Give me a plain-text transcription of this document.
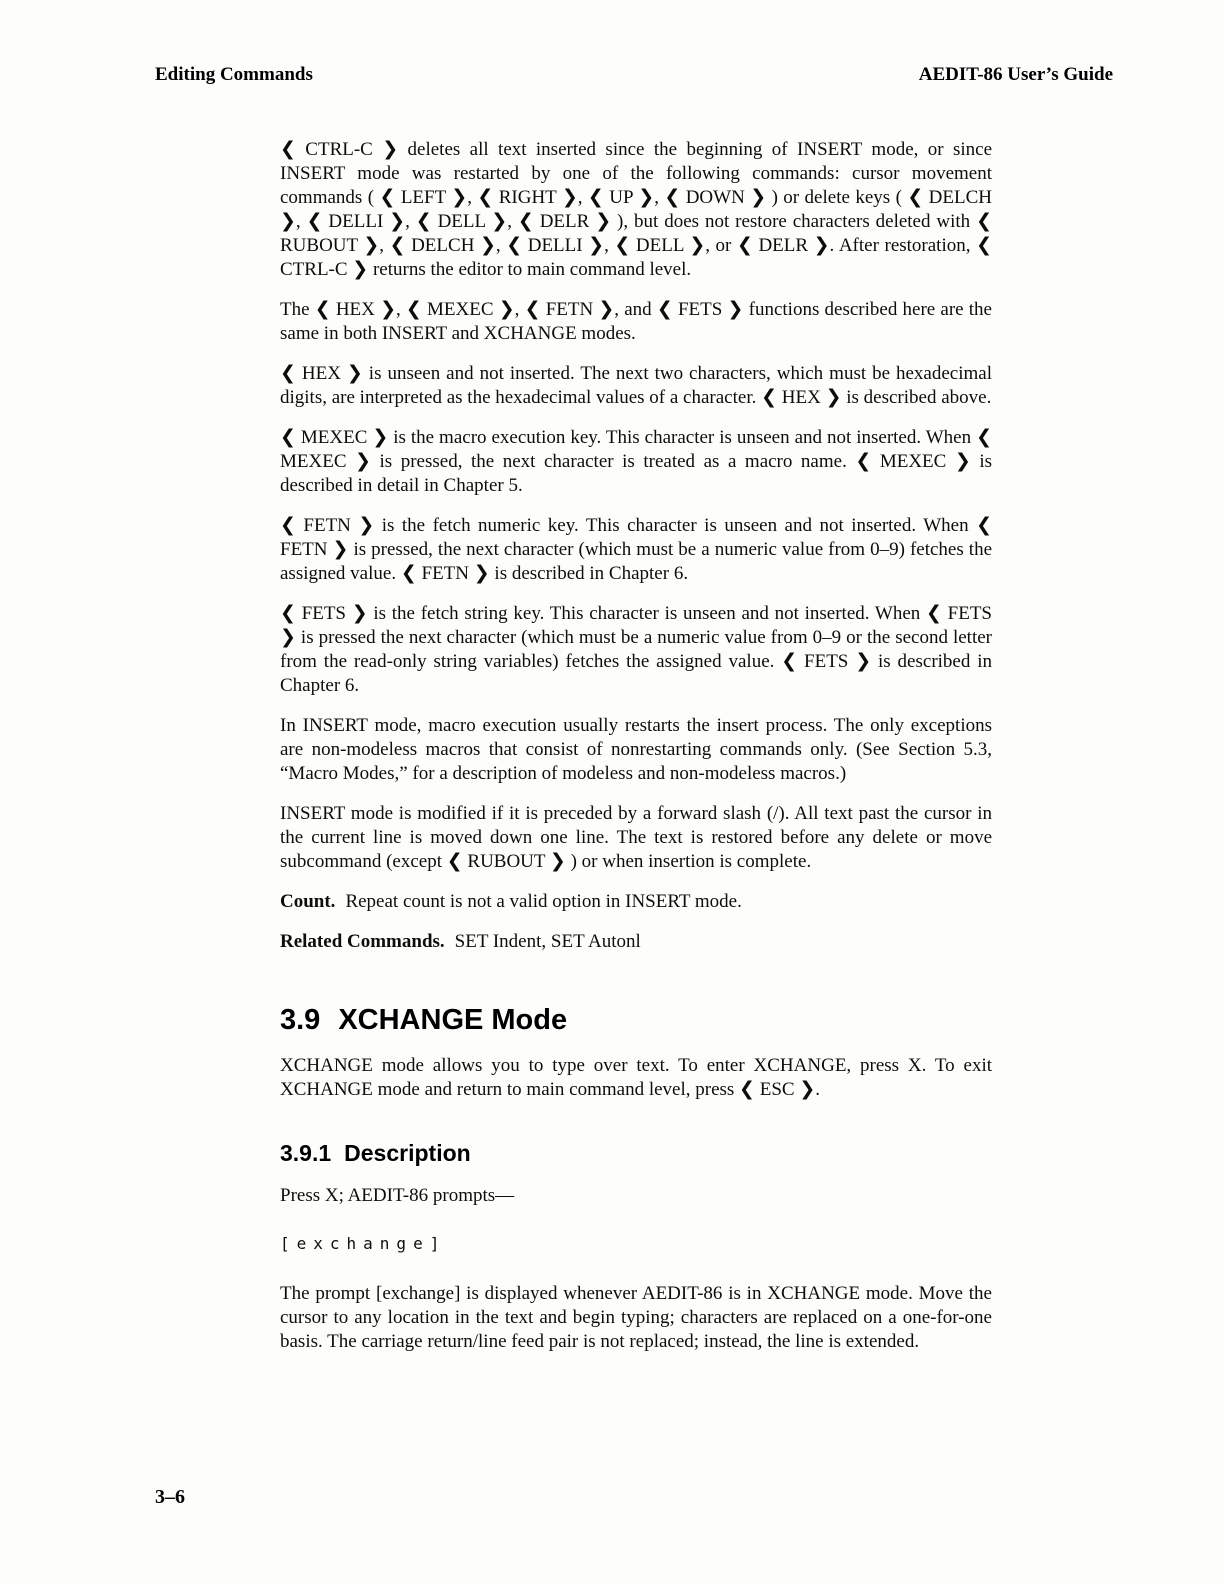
Editing Commands	AEDIT-86 User’s Guide

❮ CTRL-C ❯ deletes all text inserted since the beginning of INSERT mode, or since INSERT mode was restarted by one of the following commands: cursor movement commands ( ❮ LEFT ❯, ❮ RIGHT ❯, ❮ UP ❯, ❮ DOWN ❯ ) or delete keys ( ❮ DELCH ❯, ❮ DELLI ❯, ❮ DELL ❯, ❮ DELR ❯ ), but does not restore characters deleted with ❮ RUBOUT ❯, ❮ DELCH ❯, ❮ DELLI ❯, ❮ DELL ❯, or ❮ DELR ❯. After restoration, ❮ CTRL-C ❯ returns the editor to main command level.

The ❮ HEX ❯, ❮ MEXEC ❯, ❮ FETN ❯, and ❮ FETS ❯ functions described here are the same in both INSERT and XCHANGE modes.

❮ HEX ❯ is unseen and not inserted. The next two characters, which must be hexadecimal digits, are interpreted as the hexadecimal values of a character. ❮ HEX ❯ is described above.

❮ MEXEC ❯ is the macro execution key. This character is unseen and not inserted. When ❮ MEXEC ❯ is pressed, the next character is treated as a macro name. ❮ MEXEC ❯ is described in detail in Chapter 5.

❮ FETN ❯ is the fetch numeric key. This character is unseen and not inserted. When ❮ FETN ❯ is pressed, the next character (which must be a numeric value from 0–9) fetches the assigned value. ❮ FETN ❯ is described in Chapter 6.

❮ FETS ❯ is the fetch string key. This character is unseen and not inserted. When ❮ FETS ❯ is pressed the next character (which must be a numeric value from 0–9 or the second letter from the read-only string variables) fetches the assigned value. ❮ FETS ❯ is described in Chapter 6.

In INSERT mode, macro execution usually restarts the insert process. The only exceptions are non-modeless macros that consist of nonrestarting commands only. (See Section 5.3, “Macro Modes,” for a description of modeless and non-modeless macros.)

INSERT mode is modified if it is preceded by a forward slash (/). All text past the cursor in the current line is moved down one line. The text is restored before any delete or move subcommand (except ❮ RUBOUT ❯ ) or when insertion is complete.

Count. Repeat count is not a valid option in INSERT mode.

Related Commands. SET Indent, SET Autonl

3.9 XCHANGE Mode

XCHANGE mode allows you to type over text. To enter XCHANGE, press X. To exit XCHANGE mode and return to main command level, press ❮ ESC ❯.

3.9.1 Description

Press X; AEDIT-86 prompts—

[exchange]

The prompt [exchange] is displayed whenever AEDIT-86 is in XCHANGE mode. Move the cursor to any location in the text and begin typing; characters are replaced on a one-for-one basis. The carriage return/line feed pair is not replaced; instead, the line is extended.

3–6
